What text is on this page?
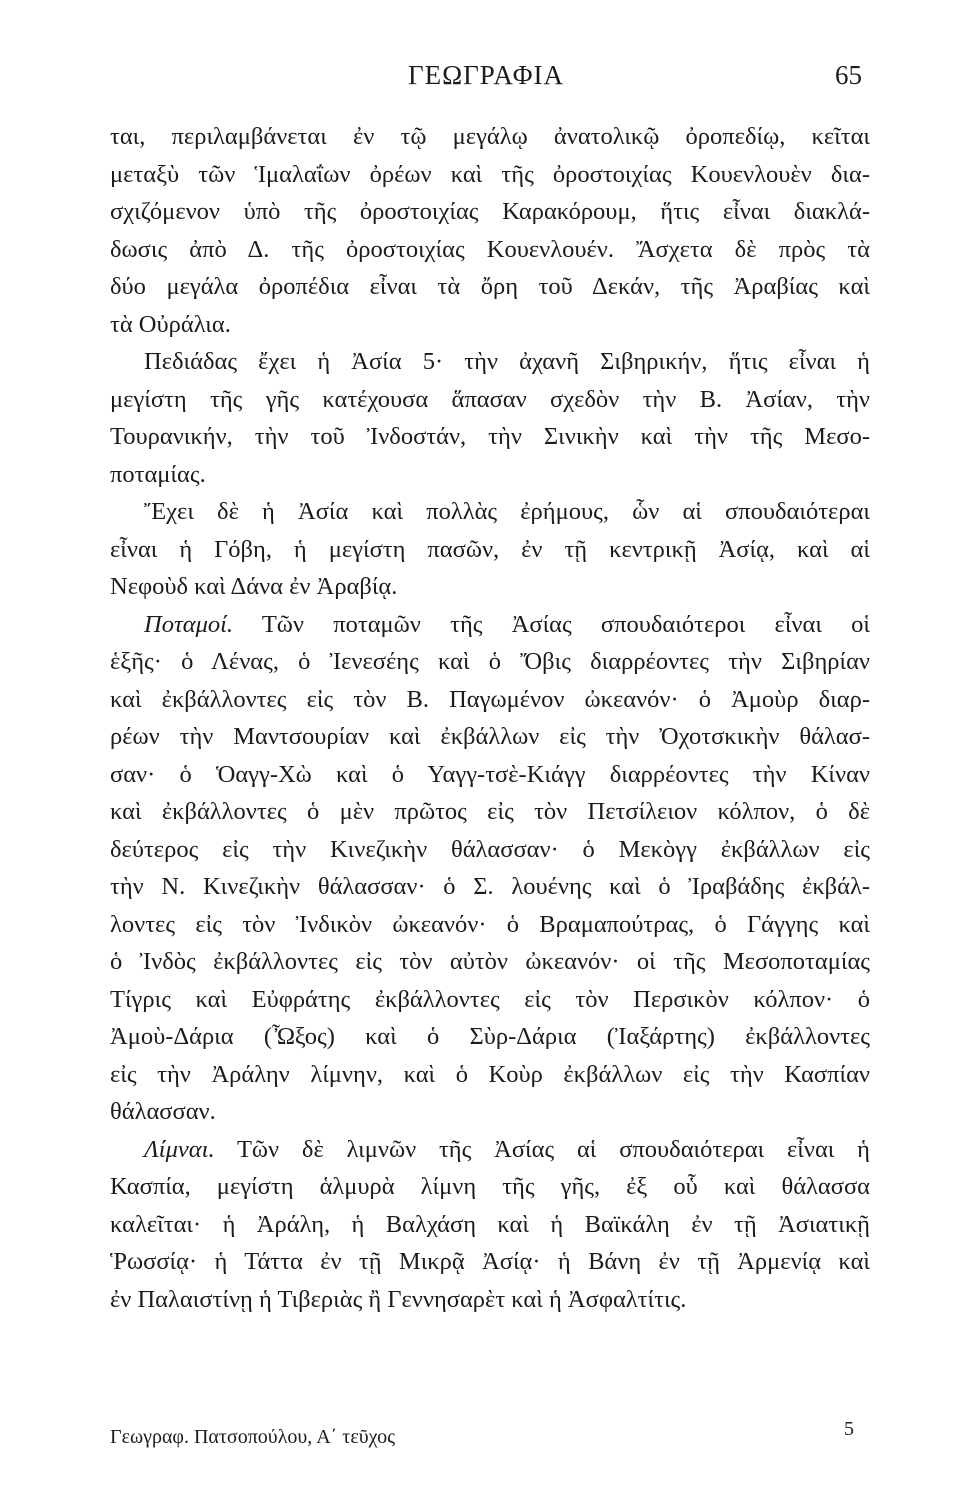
ΓΕΩΓΡΑΦΙΑ	65
ται, περιλαμβάνεται ἐν τῷ μεγάλῳ ἀνατολικῷ ὀροπεδίῳ, κεῖται
μεταξὺ τῶν Ἱμαλαΐων ὀρέων καὶ τῆς ὀροστοιχίας Κουενλουὲν δια-
σχιζόμενον ὑπὸ τῆς ὀροστοιχίας Καρακόρουμ, ἥτις εἶναι διακλά-
δωσις ἀπὸ Δ. τῆς ὀροστοιχίας Κουενλουέν. Ἄσχετα δὲ πρὸς τὰ
δύο μεγάλα ὀροπέδια εἶναι τὰ ὄρη τοῦ Δεκάν, τῆς Ἀραβίας καὶ
τὰ Οὐράλια.
Πεδιάδας ἔχει ἡ Ἀσία 5· τὴν ἀχανῆ Σιβηρικήν, ἥτις εἶναι ἡ
μεγίστη τῆς γῆς κατέχουσα ἅπασαν σχεδὸν τὴν Β. Ἀσίαν, τὴν
Τουρανικήν, τὴν τοῦ Ἰνδοστάν, τὴν Σινικὴν καὶ τὴν τῆς Μεσο-
ποταμίας.
Ἔχει δὲ ἡ Ἀσία καὶ πολλὰς ἐρήμους, ὧν αἱ σπουδαιότεραι
εἶναι ἡ Γόβη, ἡ μεγίστη πασῶν, ἐν τῇ κεντρικῇ Ἀσίᾳ, καὶ αἱ
Νεφοὺδ καὶ Δάνα ἐν Ἀραβίᾳ.
Ποταμοί. Τῶν ποταμῶν τῆς Ἀσίας σπουδαιότεροι εἶναι οἱ
ἑξῆς· ὁ Λένας, ὁ Ἰενεσέης καὶ ὁ Ὄβις διαρρέοντες τὴν Σιβηρίαν
καὶ ἐκβάλλοντες εἰς τὸν Β. Παγωμένον ὠκεανόν· ὁ Ἀμοὺρ διαρ-
ρέων τὴν Μαντσουρίαν καὶ ἐκβάλλων εἰς τὴν Ὀχοτσκικὴν θάλασ-
σαν· ὁ Ὁαγγ-Χὼ καὶ ὁ Υαγγ-τσὲ-Κιάγγ διαρρέοντες τὴν Κίναν
καὶ ἐκβάλλοντες ὁ μὲν πρῶτος εἰς τὸν Πετσίλειον κόλπον, ὁ δὲ
δεύτερος εἰς τὴν Κινεζικὴν θάλασσαν· ὁ Μεκὸγγ ἐκβάλλων εἰς
τὴν Ν. Κινεζικὴν θάλασσαν· ὁ Σ. λουένης καὶ ὁ Ἰραβάδης ἐκβάλ-
λοντες εἰς τὸν Ἰνδικὸν ὠκεανόν· ὁ Βραμαπούτρας, ὁ Γάγγης καὶ
ὁ Ἰνδὸς ἐκβάλλοντες εἰς τὸν αὐτὸν ὠκεανόν· οἱ τῆς Μεσοποταμίας
Τίγρις καὶ Εὐφράτης ἐκβάλλοντες εἰς τὸν Περσικὸν κόλπον· ὁ
Ἀμοὺ-Δάρια (Ὦξος) καὶ ὁ Σὺρ-Δάρια (Ἰαξάρτης) ἐκβάλλοντες
εἰς τὴν Ἀράλην λίμνην, καὶ ὁ Κοὺρ ἐκβάλλων εἰς τὴν Κασπίαν
θάλασσαν.
Λίμναι. Τῶν δὲ λιμνῶν τῆς Ἀσίας αἱ σπουδαιότεραι εἶναι ἡ
Κασπία, μεγίστη ἁλμυρὰ λίμνη τῆς γῆς, ἐξ οὗ καὶ θάλασσα
καλεῖται· ἡ Ἀράλη, ἡ Βαλχάση καὶ ἡ Βαϊκάλη ἐν τῇ Ἀσιατικῇ
Ῥωσσίᾳ· ἡ Τάττα ἐν τῇ Μικρᾷ Ἀσίᾳ· ἡ Βάνη ἐν τῇ Ἀρμενίᾳ καὶ
ἐν Παλαιστίνῃ ἡ Τιβεριὰς ἢ Γεννησαρὲτ καὶ ἡ Ἀσφαλτίτις.
Γεωγραφ. Πατσοπούλου, Α΄ τεῦχος	5
